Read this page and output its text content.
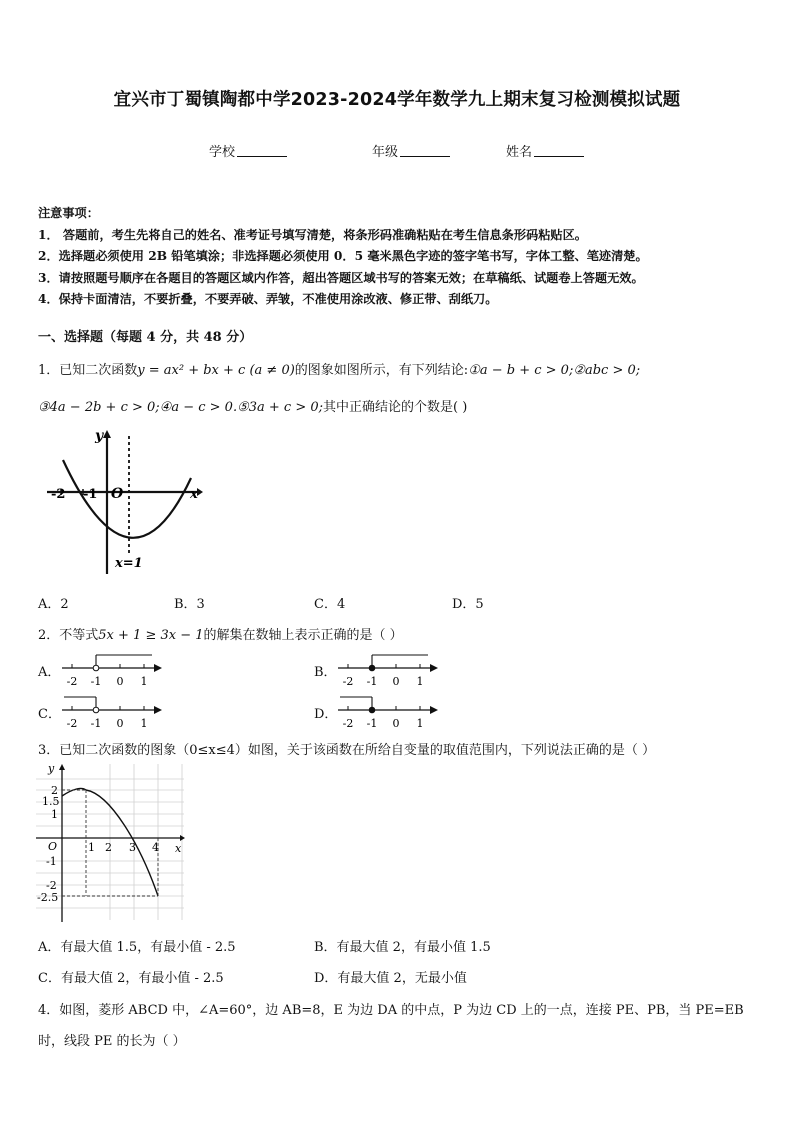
宜兴市丁蜀镇陶都中学2023-2024学年数学九上期末复习检测模拟试题
学校	年级	姓名
注意事项：
1． 答题前，考生先将自己的姓名、准考证号填写清楚，将条形码准确粘贴在考生信息条形码粘贴区。
2．选择题必须使用 2B 铅笔填涂；非选择题必须使用 0．5 毫米黑色字迹的签字笔书写，字体工整、笔迹清楚。
3．请按照题号顺序在各题目的答题区域内作答，超出答题区域书写的答案无效；在草稿纸、试题卷上答题无效。
4．保持卡面清洁，不要折叠，不要弄破、弄皱，不准使用涂改液、修正带、刮纸刀。
一、选择题（每题 4 分，共 48 分）
1．已知二次函数y = ax² + bx + c (a ≠ 0)的图象如图所示，有下列结论:①a − b + c > 0;②abc > 0;
③4a − 2b + c > 0;④a − c > 0.⑤3a + c > 0;其中正确结论的个数是( )
y
x
O
-2 -1
x=1
A．2	B．3	C．4	D．5
2．不等式5x + 1 ≥ 3x − 1的解集在数轴上表示正确的是（ ）
A．
-2 -1 0 1
B．
-2 -1 0 1
C．
-2 -1 0 1
D．
-2 -1 0 1
3．已知二次函数的图象（0≤x≤4）如图，关于该函数在所给自变量的取值范围内，下列说法正确的是（ ）
y
x
O
2
1.5
1
-1
-2
-2.5
1 2 3 4
A．有最大值 1.5，有最小值 - 2.5	B．有最大值 2，有最小值 1.5
C．有最大值 2，有最小值 - 2.5	D．有最大值 2，无最小值
4．如图，菱形 ABCD 中，∠A=60°，边 AB=8，E 为边 DA 的中点，P 为边 CD 上的一点，连接 PE、PB，当 PE=EB
时，线段 PE 的长为（ ）
